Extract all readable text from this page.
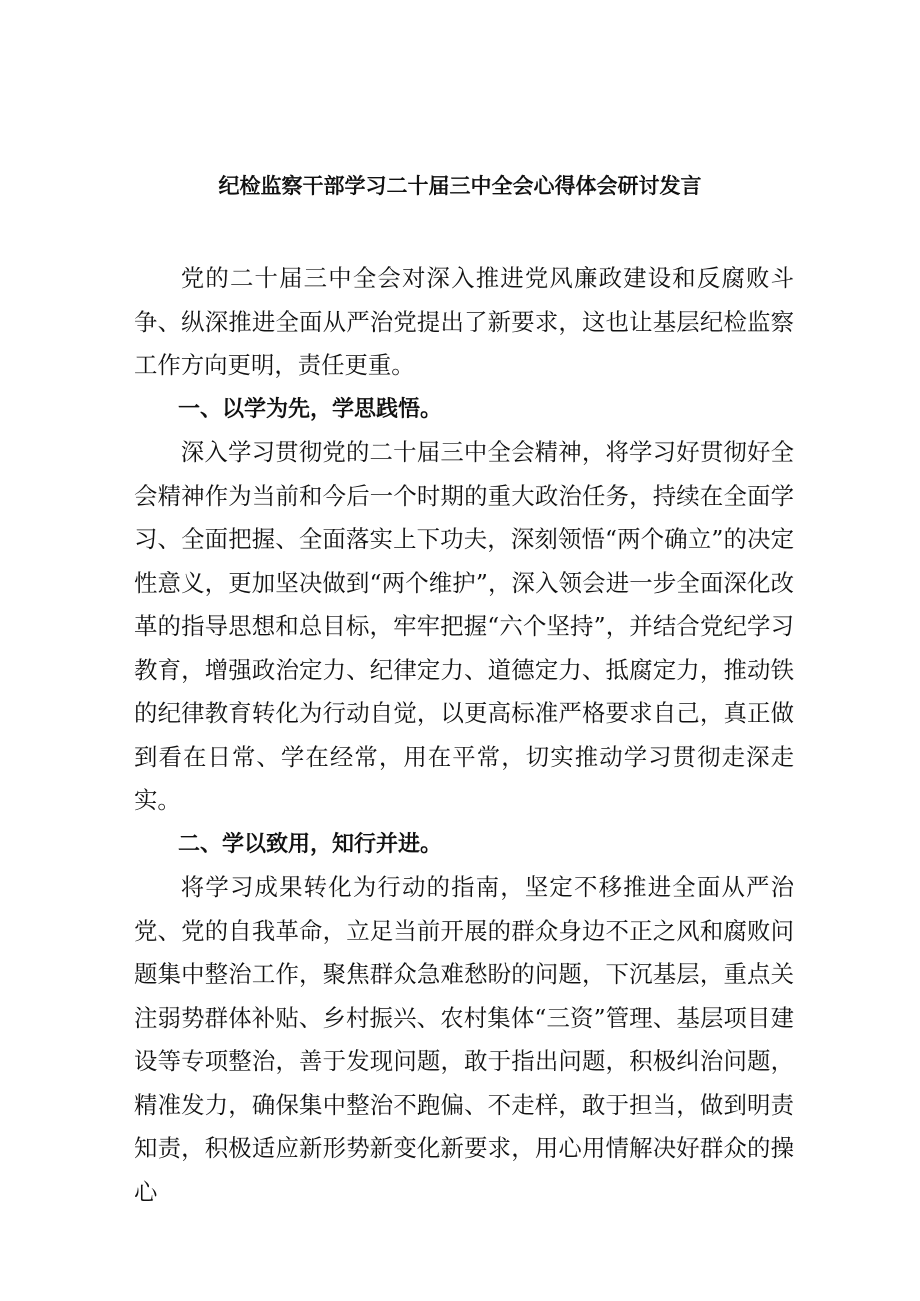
纪检监察干部学习二十届三中全会心得体会研讨发言

党的二十届三中全会对深入推进党风廉政建设和反腐败斗争、纵深推进全面从严治党提出了新要求，这也让基层纪检监察工作方向更明，责任更重。

一、以学为先，学思践悟。

深入学习贯彻党的二十届三中全会精神，将学习好贯彻好全会精神作为当前和今后一个时期的重大政治任务，持续在全面学习、全面把握、全面落实上下功夫，深刻领悟“两个确立”的决定性意义，更加坚决做到“两个维护”，深入领会进一步全面深化改革的指导思想和总目标，牢牢把握“六个坚持”，并结合党纪学习教育，增强政治定力、纪律定力、道德定力、抵腐定力，推动铁的纪律教育转化为行动自觉，以更高标准严格要求自己，真正做到看在日常、学在经常，用在平常，切实推动学习贯彻走深走实。

二、学以致用，知行并进。

将学习成果转化为行动的指南，坚定不移推进全面从严治党、党的自我革命，立足当前开展的群众身边不正之风和腐败问题集中整治工作，聚焦群众急难愁盼的问题，下沉基层，重点关注弱势群体补贴、乡村振兴、农村集体“三资”管理、基层项目建设等专项整治，善于发现问题，敢于指出问题，积极纠治问题，精准发力，确保集中整治不跑偏、不走样，敢于担当，做到明责知责，积极适应新形势新变化新要求，用心用情解决好群众的操心
